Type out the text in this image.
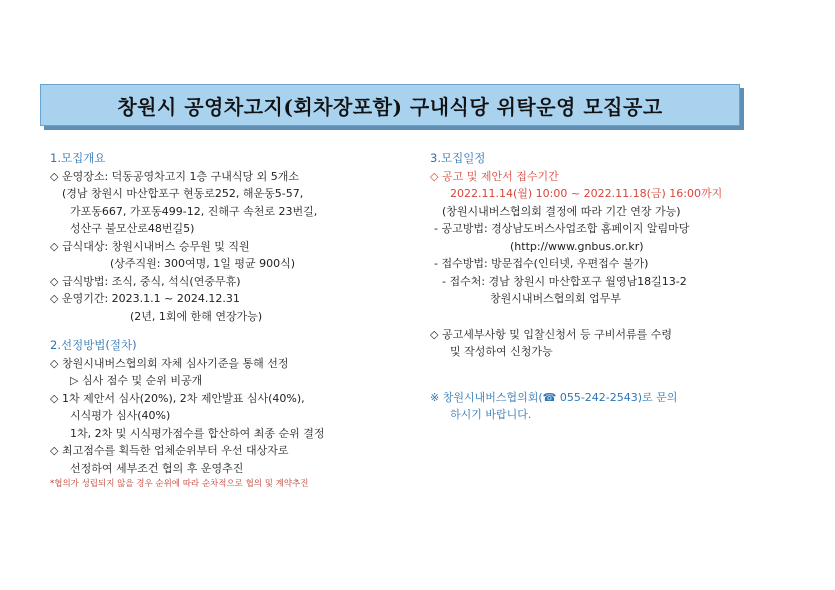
창원시 공영차고지(회차장포함) 구내식당 위탁운영 모집공고
1.모집개요
◇ 운영장소: 덕동공영차고지 1층 구내식당 외 5개소
(경남 창원시 마산합포구 현동로252, 해운동5-57,
가포동667, 가포동499-12, 진해구 속천로 23번길,
성산구 불모산로48번길5)
◇ 급식대상: 창원시내버스 승무원 및 직원
(상주직원: 300여명, 1일 평균 900식)
◇ 급식방법: 조식, 중식, 석식(연중무휴)
◇ 운영기간: 2023.1.1 ~ 2024.12.31
(2년, 1회에 한해 연장가능)
2.선정방법(절차)
◇ 창원시내버스협의회 자체 심사기준을 통해 선정
▷ 심사 점수 및 순위 비공개
◇ 1차 제안서 심사(20%), 2차 제안발표 심사(40%),
시식평가 심사(40%)
1차, 2차 및 시식평가점수를 합산하여 최종 순위 결정
◇ 최고점수를 획득한 업체순위부터 우선 대상자로
선정하여 세부조건 협의 후 운영추진
*협의가 성립되지 않을 경우 순위에 따라 순차적으로 협의 및 계약추진
3.모집일정
◇ 공고 및 제안서 접수기간
2022.11.14(월) 10:00 ~ 2022.11.18(금) 16:00까지
(창원시내버스협의회 결정에 따라 기간 연장 가능)
- 공고방법: 경상남도버스사업조합 홈페이지 알림마당
(http://www.gnbus.or.kr)
- 접수방법: 방문접수(인터넷, 우편접수 불가)
- 접수처: 경남 창원시 마산합포구 월영남18길13-2
창원시내버스협의회 업무부
◇ 공고세부사항 및 입찰신청서 등 구비서류를 수령
및 작성하여 신청가능
※ 창원시내버스협의회(☎ 055-242-2543)로 문의
하시기 바랍니다.
